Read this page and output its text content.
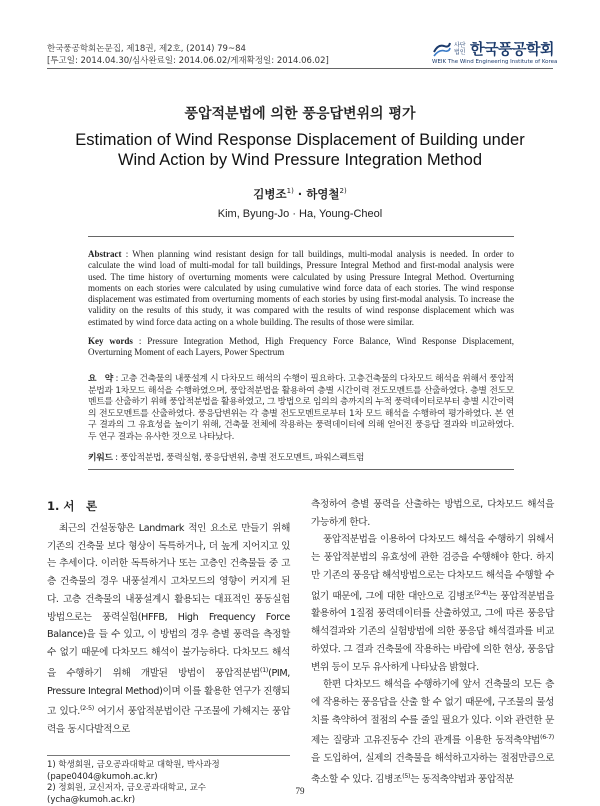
한국풍공학회논문집, 제18권, 제2호, (2014) 79~84
[투고일: 2014.04.30/심사완료일: 2014.06.02/게재확정일: 2014.06.02]
사단
법인 한국풍공학회
WEIK The Wind Engineering Institute of Korea
풍압적분법에 의한 풍응답변위의 평가
Estimation of Wind Response Displacement of Building under
Wind Action by Wind Pressure Integration Method
김병조$^{1)}$ · 하영철$^{2)}$
Kim, Byung-Jo · Ha, Young-Cheol
Abstract : When planning wind resistant design for tall buildings, multi-modal analysis is needed. In order to calculate the wind load of multi-modal for tall buildings, Pressure Integral Method and first-modal analysis were used. The time history of overturning moments were calculated by using Pressure Integral Method. Overturning moments on each stories were calculated by using cumulative wind force data of each stories. The wind response displacement was estimated from overturning moments of each stories by using first-modal analysis. To increase the validity on the results of this study, it was compared with the results of wind response displacement which was estimated by wind force data acting on a whole building. The results of those were similar.
Key words : Pressure Integration Method, High Frequency Force Balance, Wind Response Displacement, Overturning Moment of each Layers, Power Spectrum
요　약 : 고층 건축물의 내풍설계 시 다차모드 해석의 수행이 필요하다. 고층건축물의 다차모드 해석을 위해서 풍압적분법과 1차모드 해석을 수행하였으며, 풍압적분법을 활용하여 층별 시간이력 전도모멘트를 산출하였다. 층별 전도모멘트를 산출하기 위해 풍압적분법을 활용하였고, 그 방법으로 임의의 층까지의 누적 풍력데이터로부터 층별 시간이력의 전도모멘트를 산출하였다. 풍응답변위는 각 층별 전도모멘트로부터 1차 모드 해석을 수행하여 평가하였다. 본 연구 결과의 그 유효성을 높이기 위해, 건축물 전체에 작용하는 풍력데이터에 의해 얻어진 풍응답 결과와 비교하였다. 두 연구 결과는 유사한 것으로 나타났다.
키워드 : 풍압적분법, 풍력실험, 풍응답변위, 층별 전도모멘트, 파워스펙트럼
1. 서　론

최근의 건설동향은 Landmark 적인 요소로 만들기 위해 기존의 건축물 보다 형상이 독특하거나, 더 높게 지어지고 있는 추세이다. 이러한 독특하거나 또는 고층인 건축물들 중 고층 건축물의 경우 내풍설계시 고차모드의 영향이 커지게 된다. 고층 건축물의 내풍설계시 활용되는 대표적인 풍동실험 방법으로는 풍력실험(HFFB, High Frequency Force Balance)을 들 수 있고, 이 방법의 경우 층별 풍력을 측정할 수 없기 때문에 다차모드 해석이 불가능하다. 다차모드 해석을 수행하기 위해 개발된 방법이 풍압적분법$^{(1)}$(PIM, Pressure Integral Method)이며 이를 활용한 연구가 진행되고 있다.$^{(2-5)}$ 여기서 풍압적분법이란 구조물에 가해지는 풍압력을 동시다발적으로

측정하여 층별 풍력을 산출하는 방법으로, 다차모드 해석을 가능하게 한다.

풍압적분법을 이용하여 다차모드 해석을 수행하기 위해서는 풍압적분법의 유효성에 관한 검증을 수행해야 한다. 하지만 기존의 풍응답 해석방법으로는 다차모드 해석을 수행할 수 없기 때문에, 그에 대한 대안으로 김병조$^{(2-4)}$는 풍압적분법을 활용하여 1질점 풍력데이터를 산출하였고, 그에 따른 풍응답 해석결과와 기존의 실험방법에 의한 풍응답 해석결과를 비교하였다. 그 결과 건축물에 작용하는 바람에 의한 현상, 풍응답변위 등이 모두 유사하게 나타났음 밝혔다.

한편 다차모드 해석을 수행하기에 앞서 건축물의 모든 층에 작용하는 풍응답을 산출 할 수 없기 때문에, 구조물의 물성치를 축약하여 절점의 수를 줄일 필요가 있다. 이와 관련한 문제는 질량과 고유진동수 간의 관계를 이용한 동적축약법$^{(6-7)}$을 도입하여, 실제의 건축물을 해석하고자하는 절점만큼으로 축소할 수 있다. 김병조$^{(5)}$는 동적축약법과 풍압적분

1) 학생회원, 금오공과대학교 대학원, 박사과정 (pape0404@kumoh.ac.kr)
2) 정회원, 교신저자, 금오공과대학교, 교수 (ycha@kumoh.ac.kr)
79
